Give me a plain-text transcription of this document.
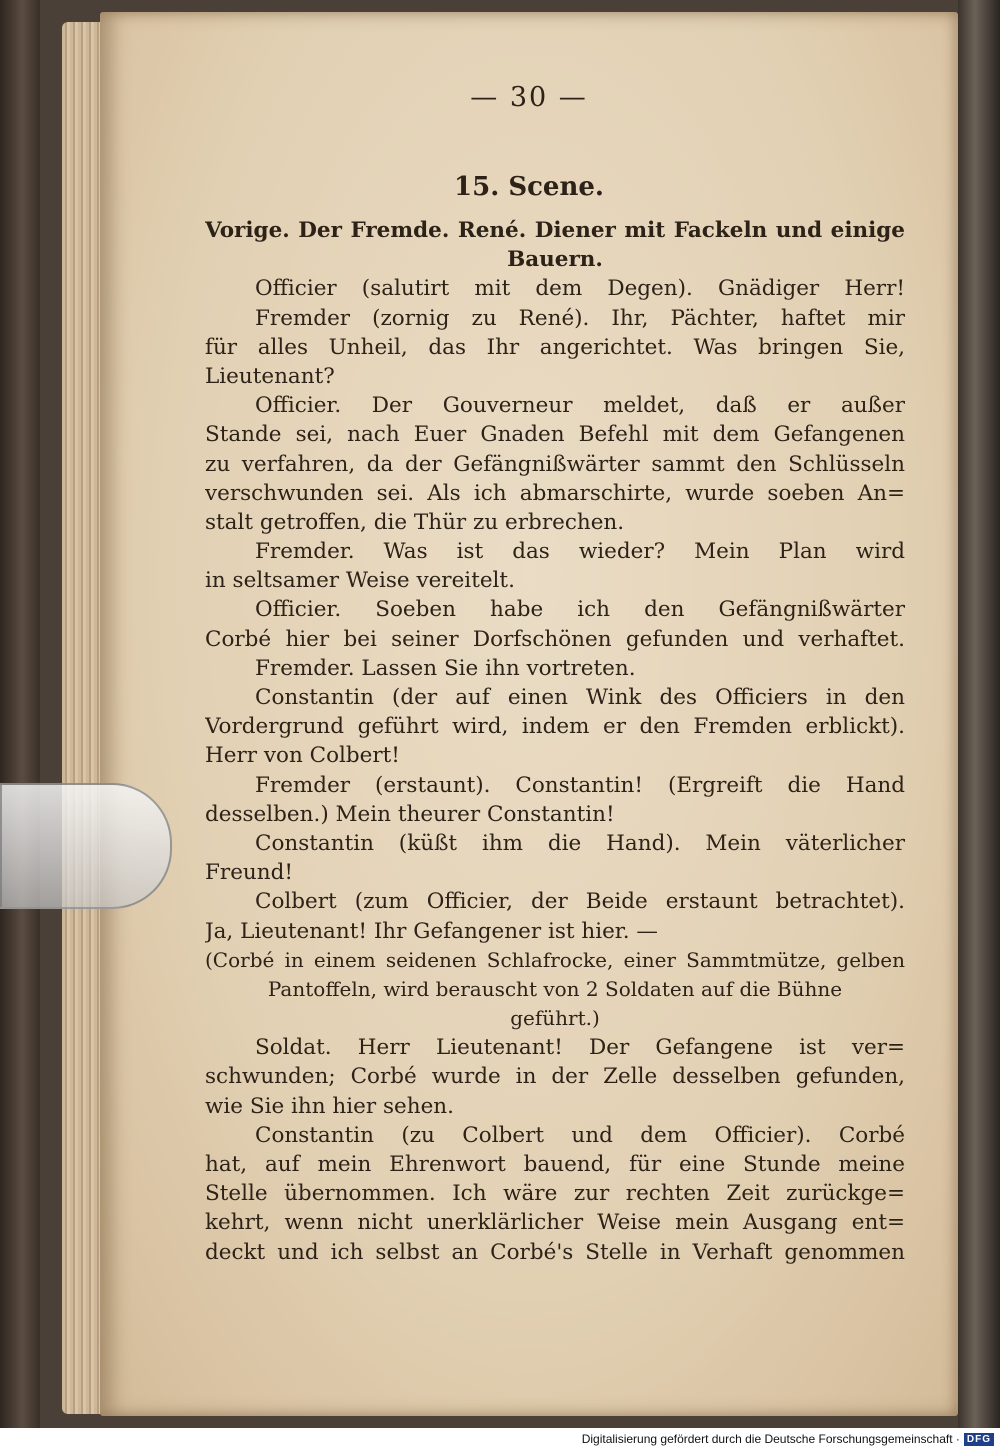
— 30 —
15. Scene.
Vorige. Der Fremde. René. Diener mit Fackeln und einige
Bauern.
Officier (salutirt mit dem Degen). Gnädiger Herr!
Fremder (zornig zu René). Ihr, Pächter, haftet mir
für alles Unheil, das Ihr angerichtet. Was bringen Sie,
Lieutenant?
Officier. Der Gouverneur meldet, daß er außer
Stande sei, nach Euer Gnaden Befehl mit dem Gefangenen
zu verfahren, da der Gefängnißwärter sammt den Schlüsseln
verschwunden sei. Als ich abmarschirte, wurde soeben An=
stalt getroffen, die Thür zu erbrechen.
Fremder. Was ist das wieder? Mein Plan wird
in seltsamer Weise vereitelt.
Officier. Soeben habe ich den Gefängnißwärter
Corbé hier bei seiner Dorfschönen gefunden und verhaftet.
Fremder. Lassen Sie ihn vortreten.
Constantin (der auf einen Wink des Officiers in den
Vordergrund geführt wird, indem er den Fremden erblickt).
Herr von Colbert!
Fremder (erstaunt). Constantin! (Ergreift die Hand
desselben.) Mein theurer Constantin!
Constantin (küßt ihm die Hand). Mein väterlicher
Freund!
Colbert (zum Officier, der Beide erstaunt betrachtet).
Ja, Lieutenant! Ihr Gefangener ist hier. —
(Corbé in einem seidenen Schlafrocke, einer Sammtmütze, gelben
Pantoffeln, wird berauscht von 2 Soldaten auf die Bühne
geführt.)
Soldat. Herr Lieutenant! Der Gefangene ist ver=
schwunden; Corbé wurde in der Zelle desselben gefunden,
wie Sie ihn hier sehen.
Constantin (zu Colbert und dem Officier). Corbé
hat, auf mein Ehrenwort bauend, für eine Stunde meine
Stelle übernommen. Ich wäre zur rechten Zeit zurückge=
kehrt, wenn nicht unerklärlicher Weise mein Ausgang ent=
deckt und ich selbst an Corbé's Stelle in Verhaft genommen
Digitalisierung gefördert durch die Deutsche Forschungsgemeinschaft · DFG
